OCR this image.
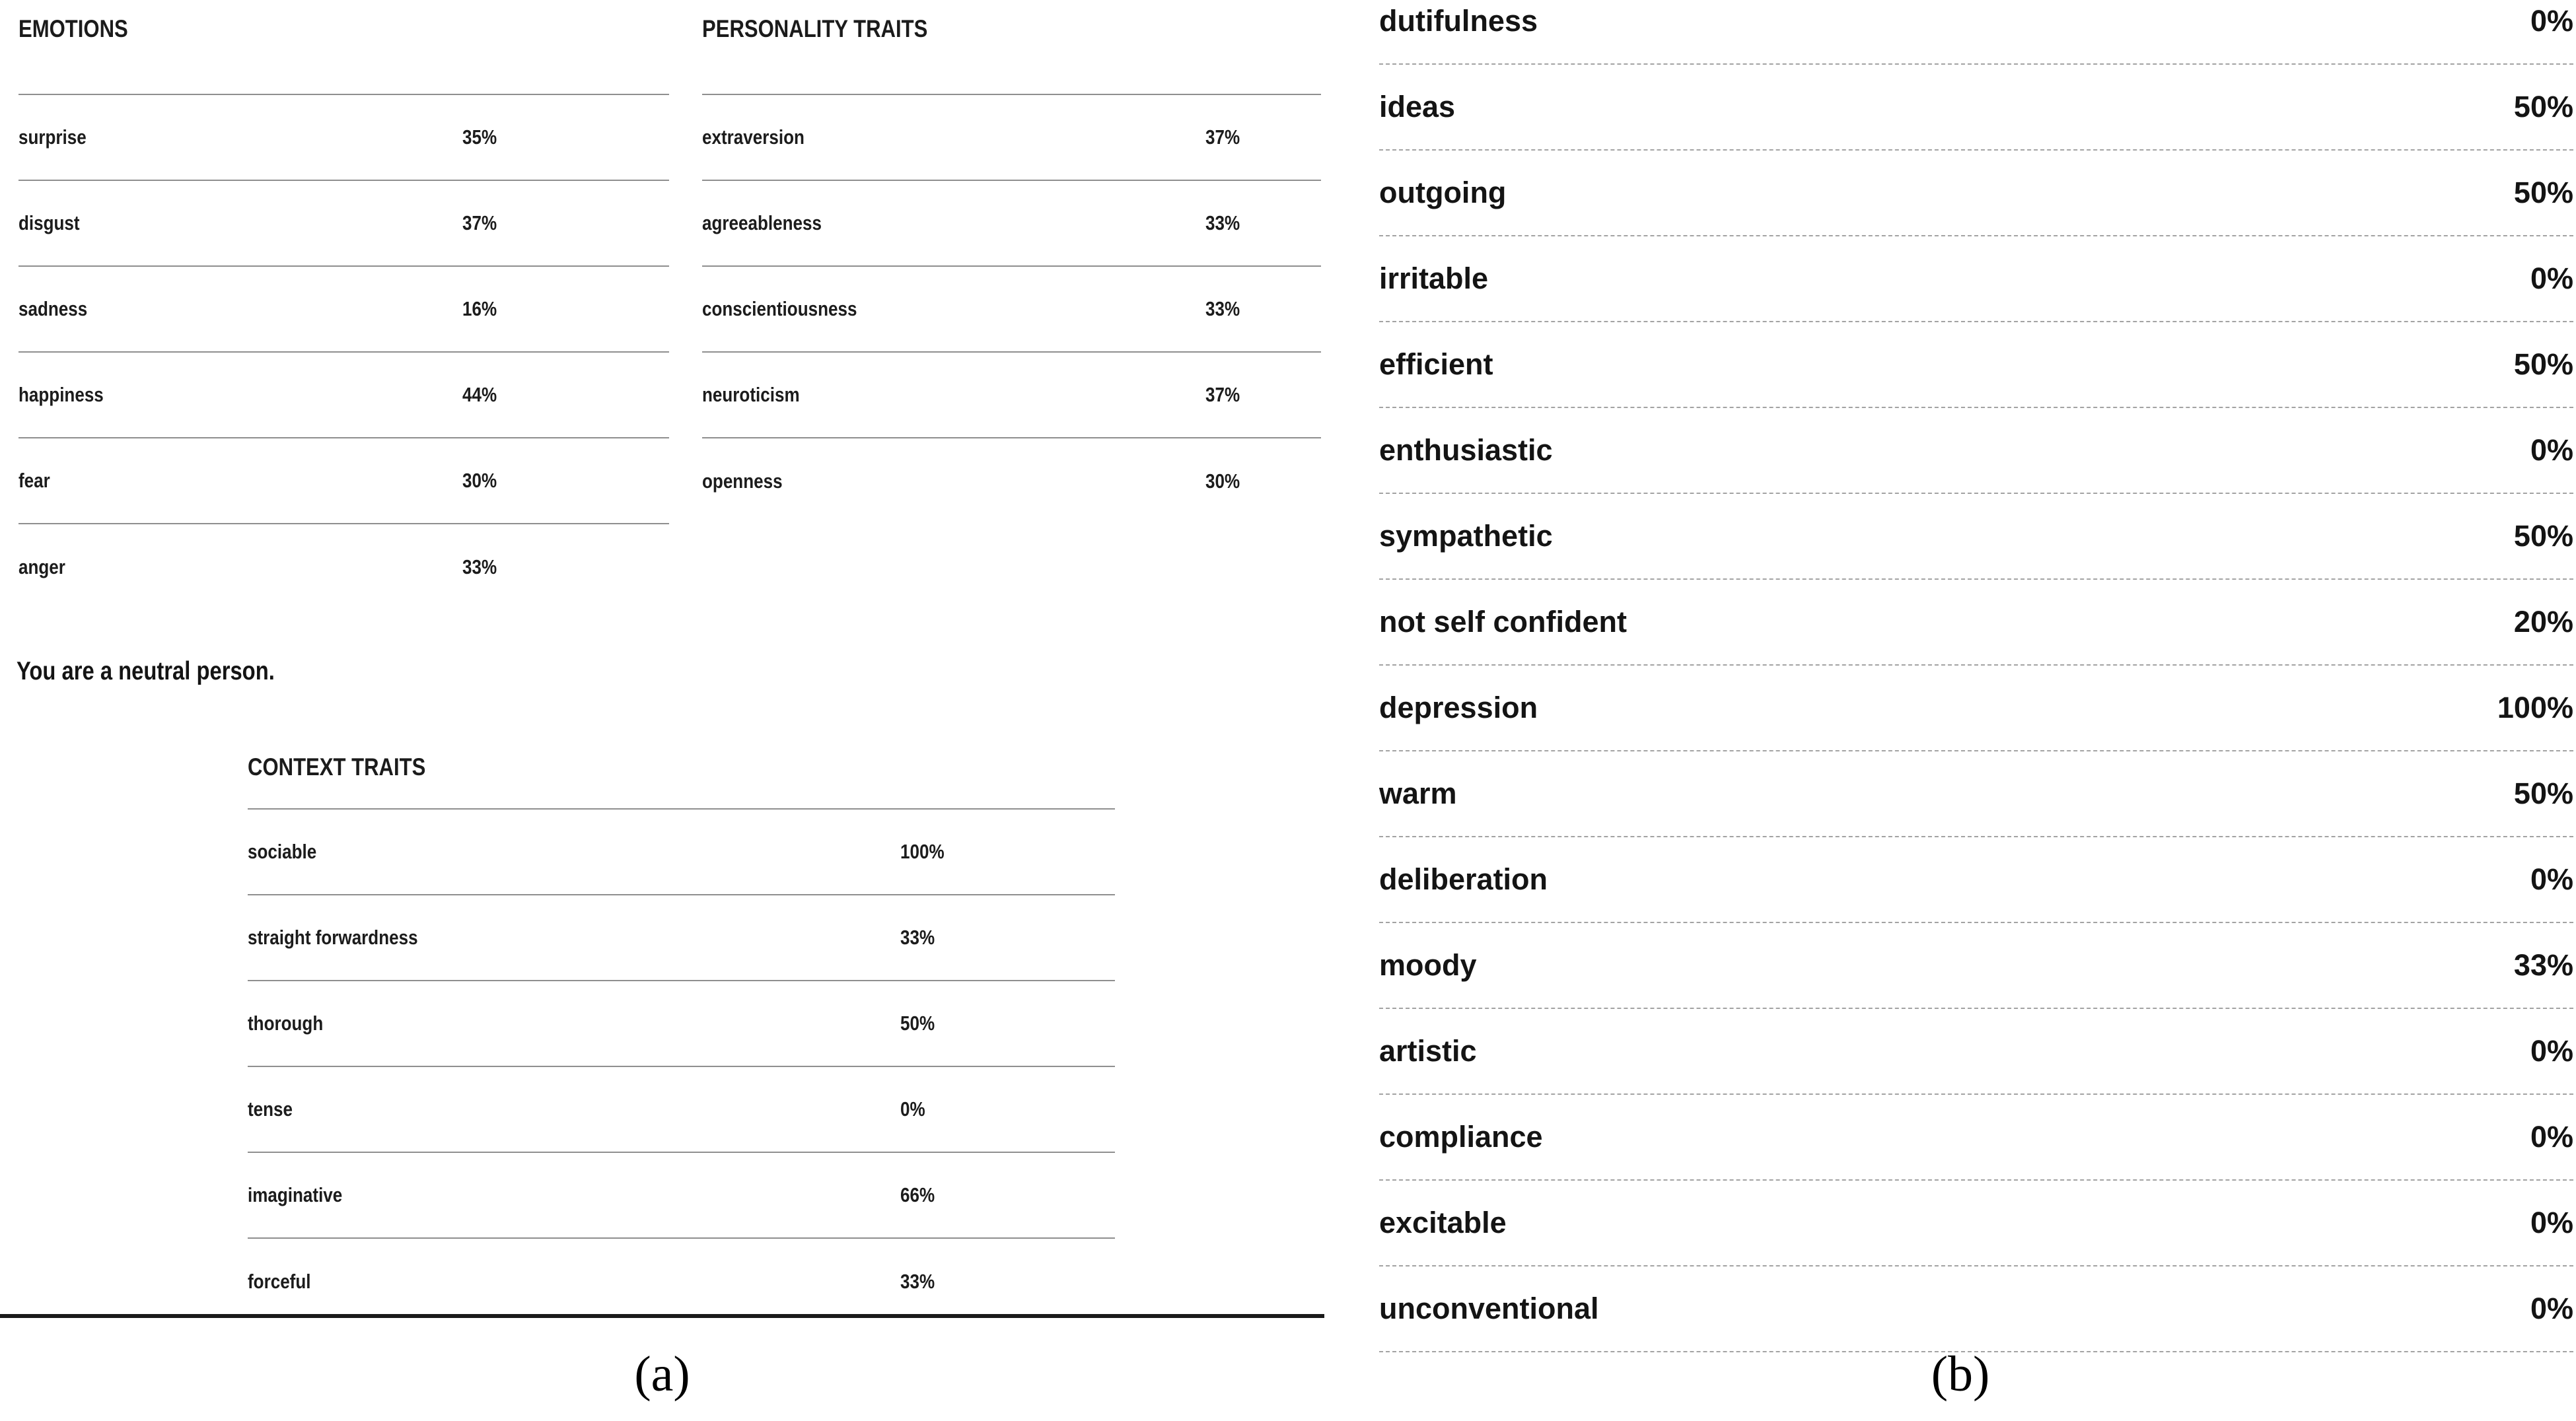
EMOTIONS
surprise	35%
disgust	37%
sadness	16%
happiness	44%
fear	30%
anger	33%
PERSONALITY TRAITS
extraversion	37%
agreeableness	33%
conscientiousness	33%
neuroticism	37%
openness	30%
You are a neutral person.
CONTEXT TRAITS
sociable	100%
straight forwardness	33%
thorough	50%
tense	0%
imaginative	66%
forceful	33%
(a)
dutifulness	0%
ideas	50%
outgoing	50%
irritable	0%
efficient	50%
enthusiastic	0%
sympathetic	50%
not self confident	20%
depression	100%
warm	50%
deliberation	0%
moody	33%
artistic	0%
compliance	0%
excitable	0%
unconventional	0%
(b)
